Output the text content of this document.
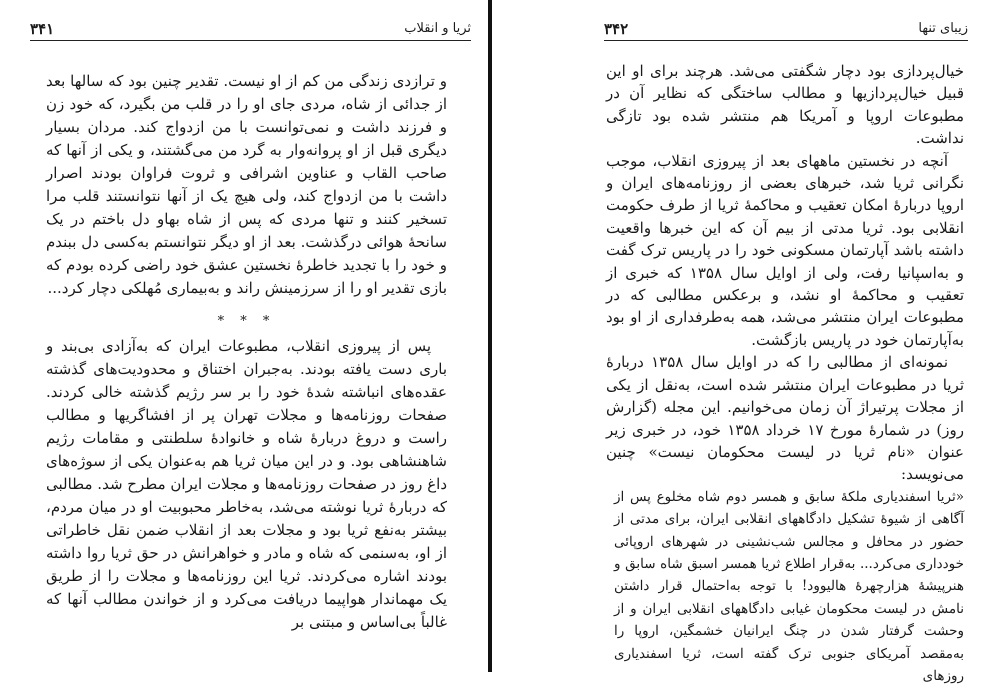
ثریا و انقلاب
۳۴۱

و ترازدی زندگی من کم از او نیست. تقدیر چنین بود که سالها بعد از جدائی از شاه، مردی جای او را در قلب من بگیرد، که خود زن و فرزند داشت و نمی‌توانست با من ازدواج کند. مردان بسیار دیگری قبل از او پروانه‌وار به گرد من می‌گشتند، و یکی از آنها که صاحب القاب و عناوین اشرافی و ثروت فراوان بودند اصرار داشت با من ازدواج کند، ولی هیچ یک از آنها نتوانستند قلب مرا تسخیر کنند و تنها مردی که پس از شاه بهاو دل باختم در یک سانحهٔ هوائی درگذشت. بعد از او دیگر نتوانستم به‌کسی دل ببندم و خود را با تجدید خاطرهٔ نخستین عشق خود راضی کرده بودم که بازی تقدیر او را از سرزمینش راند و به‌بیماری مُهلکی دچار کرد...

* * *

پس از پیروزی انقلاب، مطبوعات ایران که به‌آزادی بی‌بند و باری دست یافته بودند. به‌جبران اختناق و محدودیت‌های گذشته عقده‌های انباشته شدهٔ خود را بر سر رژیم گذشته خالی کردند. صفحات روزنامه‌ها و مجلات تهران پر از افشاگریها و مطالب راست و دروغ دربارهٔ شاه و خانوادهٔ سلطنتی و مقامات رژیم شاهنشاهی بود. و در این میان ثریا هم به‌عنوان یکی از سوژه‌های داغ روز در صفحات روزنامه‌ها و مجلات ایران مطرح شد. مطالبی که دربارهٔ ثریا نوشته می‌شد، به‌خاطر محبوبیت او در میان مردم، بیشتر به‌نفع ثریا بود و مجلات بعد از انقلاب ضمن نقل خاطراتی از او، به‌سنمی که شاه و مادر و خواهرانش در حق ثریا روا داشته بودند اشاره می‌کردند. ثریا این روزنامه‌ها و مجلات را از طریق یک مهماندار هواپیما دریافت می‌کرد و از خواندن مطالب آنها که غالباً بی‌اساس و مبتنی بر

زیبای تنها
۳۴۲

خیال‌پردازی بود دچار شگفتی می‌شد. هرچند برای او این قبیل خیال‌پردازیها و مطالب ساختگی که نظایر آن در مطبوعات اروپا و آمریکا هم منتشر شده بود تازگی نداشت.

آنچه در نخستین ماههای بعد از پیروزی انقلاب، موجب نگرانی ثریا شد، خبرهای بعضی از روزنامه‌های ایران و اروپا دربارهٔ امکان تعقیب و محاکمهٔ ثریا از طرف حکومت انقلابی بود. ثریا مدتی از بیم آن که این خبرها واقعیت داشته باشد آپارتمان مسکونی خود را در پاریس ترک گفت و به‌اسپانیا رفت، ولی از اوایل سال ۱۳۵۸ که خبری از تعقیب و محاکمهٔ او نشد، و برعکس مطالبی که در مطبوعات ایران منتشر می‌شد، همه به‌طرفداری از او بود به‌آپارتمان خود در پاریس بازگشت.

نمونه‌ای از مطالبی را که در اوایل سال ۱۳۵۸ دربارهٔ ثریا در مطبوعات ایران منتشر شده است، به‌نقل از یکی از مجلات پرتیراژ آن زمان می‌خوانیم. این مجله (گزارش روز) در شمارهٔ مورخ ۱۷ خرداد ۱۳۵۸ خود، در خبری زیر عنوان «نام ثریا در لیست محکومان نیست» چنین می‌نویسد:

«ثریا اسفندیاری ملکهٔ سابق و همسر دوم شاه مخلوع پس از آگاهی از شیوهٔ تشکیل دادگاههای انقلابی ایران، برای مدتی از حضور در محافل و مجالس شب‌نشینی در شهرهای اروپائی خودداری می‌کرد... به‌قرار اطلاع ثریا همسر اسبق شاه سابق و هنرپیشهٔ هزارچهرهٔ هالیوود! با توجه به‌احتمال قرار داشتن نامش در لیست محکومان غیابی دادگاههای انقلابی ایران و از وحشت گرفتار شدن در چنگ ایرانیان خشمگین، اروپا را به‌مقصد آمریکای جنوبی ترک گفته است، ثریا اسفندیاری روزهای
